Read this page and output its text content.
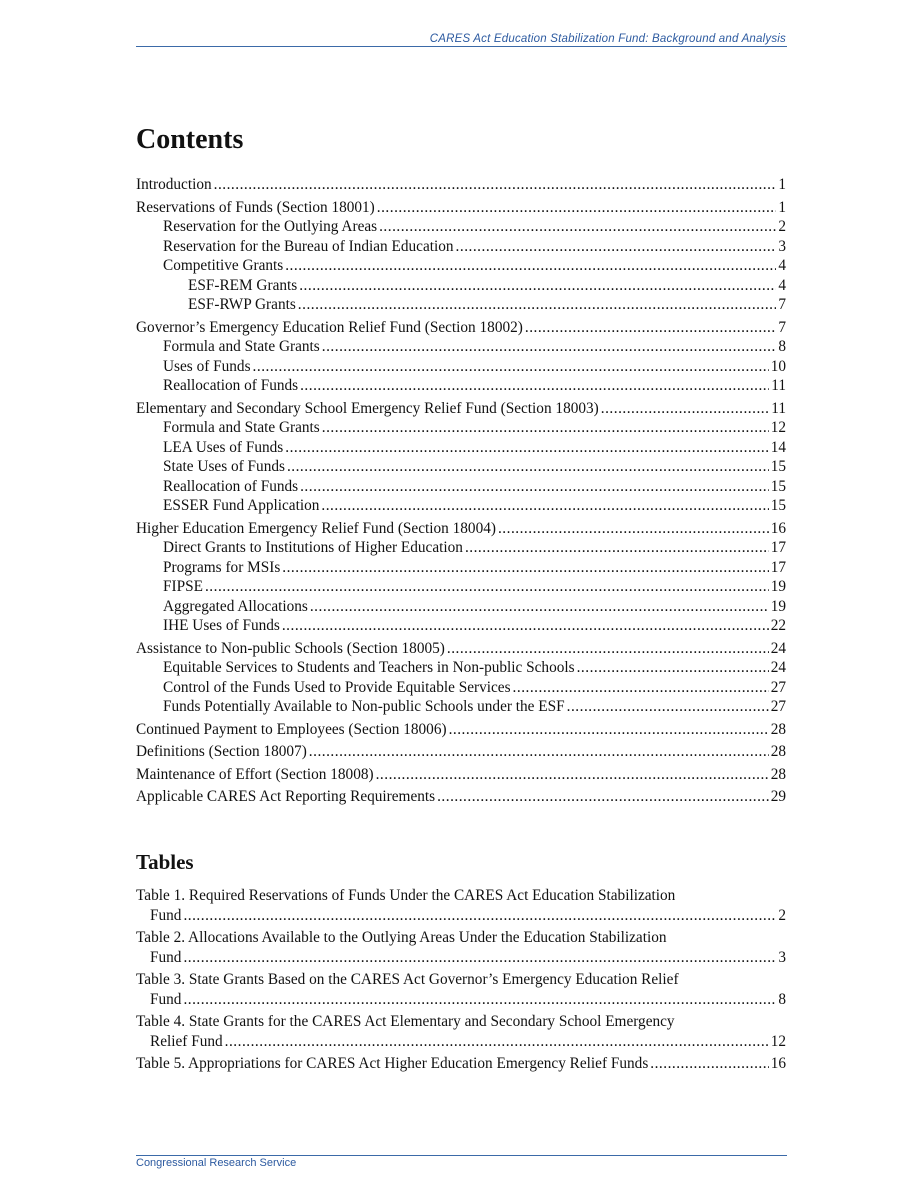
CARES Act Education Stabilization Fund: Background and Analysis
Contents
Introduction .....	1
Reservations of Funds (Section 18001) .....	1
Reservation for the Outlying Areas .....	2
Reservation for the Bureau of Indian Education .....	3
Competitive Grants .....	4
ESF-REM Grants .....	4
ESF-RWP Grants .....	7
Governor’s Emergency Education Relief Fund (Section 18002) .....	7
Formula and State Grants .....	8
Uses of Funds .....	10
Reallocation of Funds .....	11
Elementary and Secondary School Emergency Relief Fund (Section 18003) .....	11
Formula and State Grants .....	12
LEA Uses of Funds .....	14
State Uses of Funds .....	15
Reallocation of Funds .....	15
ESSER Fund Application .....	15
Higher Education Emergency Relief Fund (Section 18004) .....	16
Direct Grants to Institutions of Higher Education .....	17
Programs for MSIs .....	17
FIPSE .....	19
Aggregated Allocations .....	19
IHE Uses of Funds .....	22
Assistance to Non-public Schools (Section 18005) .....	24
Equitable Services to Students and Teachers in Non-public Schools .....	24
Control of the Funds Used to Provide Equitable Services .....	27
Funds Potentially Available to Non-public Schools under the ESF .....	27
Continued Payment to Employees (Section 18006) .....	28
Definitions (Section 18007) .....	28
Maintenance of Effort (Section 18008) .....	28
Applicable CARES Act Reporting Requirements .....	29
Tables
Table 1. Required Reservations of Funds Under the CARES Act Education Stabilization
Fund .....	2
Table 2. Allocations Available to the Outlying Areas Under the Education Stabilization
Fund .....	3
Table 3. State Grants Based on the CARES Act Governor’s Emergency Education Relief
Fund .....	8
Table 4. State Grants for the CARES Act Elementary and Secondary School Emergency
Relief Fund .....	12
Table 5. Appropriations for CARES Act Higher Education Emergency Relief Funds .....	16
Congressional Research Service
